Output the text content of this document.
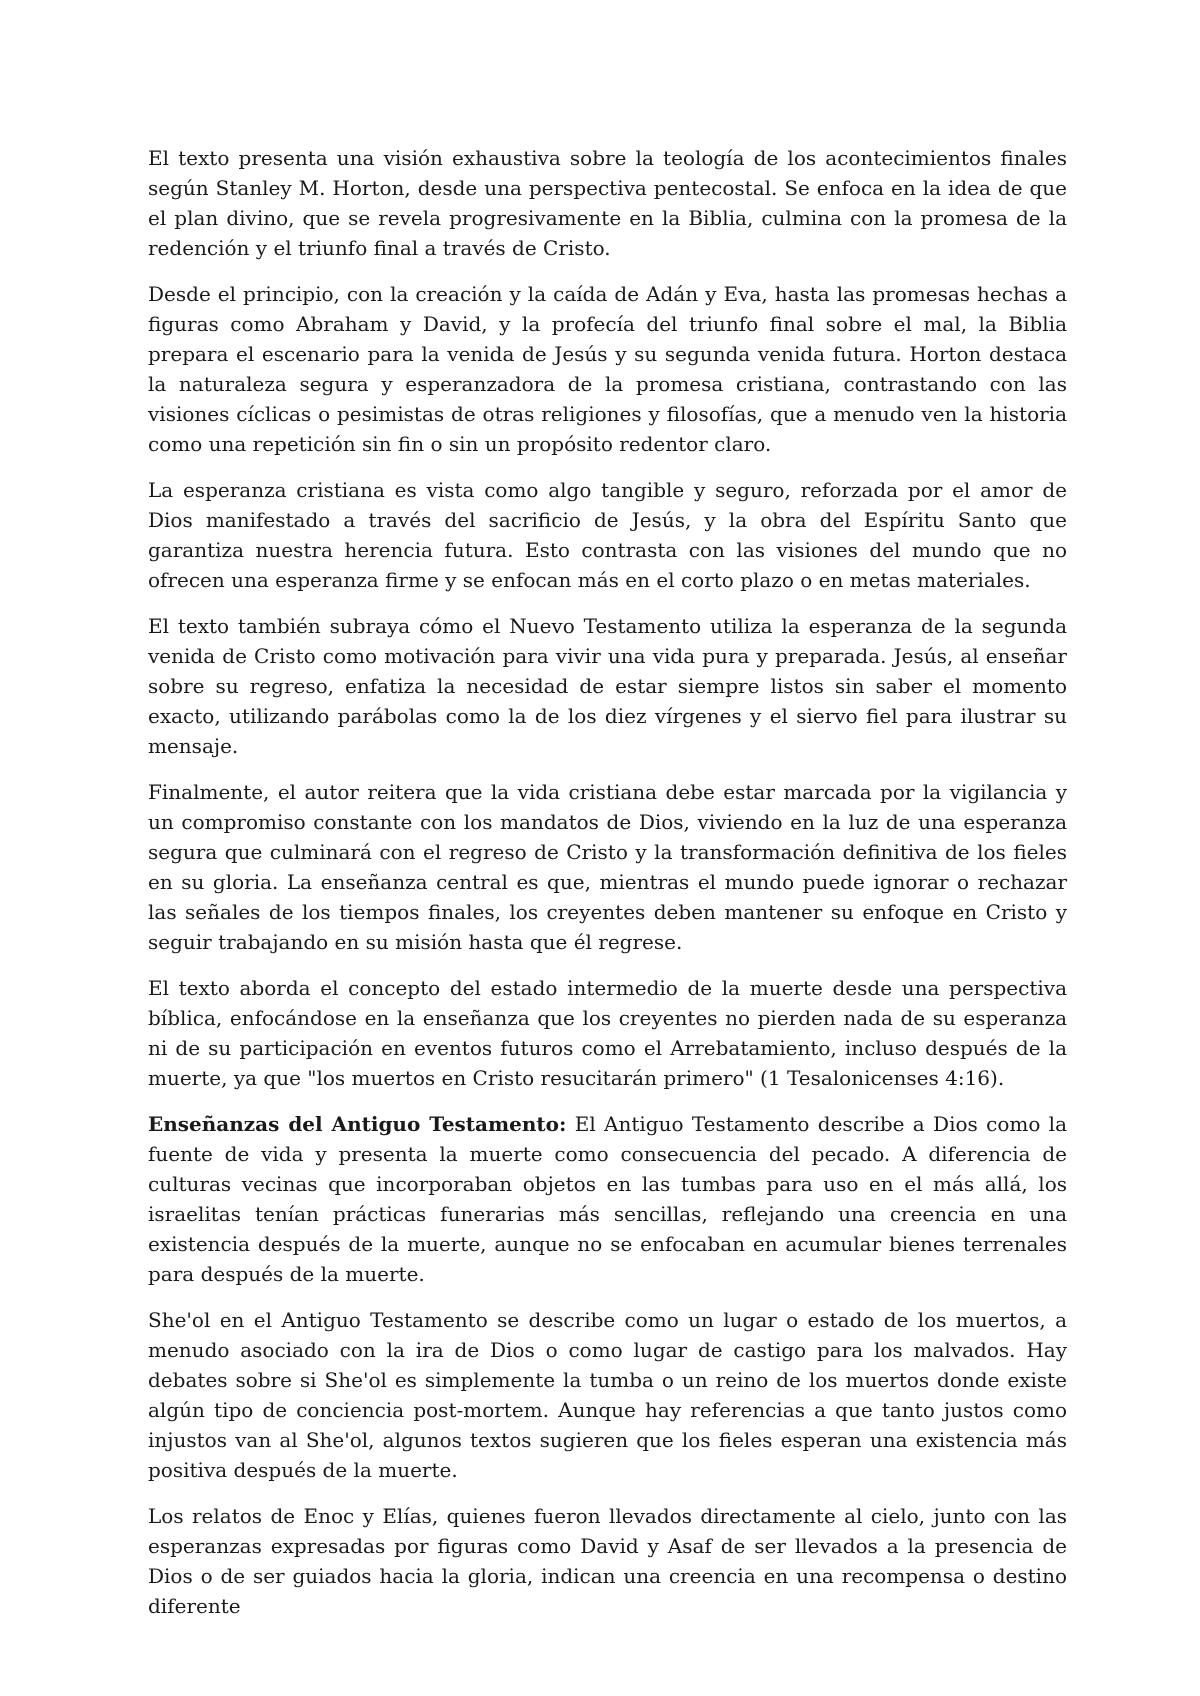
El texto presenta una visión exhaustiva sobre la teología de los acontecimientos finales según Stanley M. Horton, desde una perspectiva pentecostal. Se enfoca en la idea de que el plan divino, que se revela progresivamente en la Biblia, culmina con la promesa de la redención y el triunfo final a través de Cristo.

Desde el principio, con la creación y la caída de Adán y Eva, hasta las promesas hechas a figuras como Abraham y David, y la profecía del triunfo final sobre el mal, la Biblia prepara el escenario para la venida de Jesús y su segunda venida futura. Horton destaca la naturaleza segura y esperanzadora de la promesa cristiana, contrastando con las visiones cíclicas o pesimistas de otras religiones y filosofías, que a menudo ven la historia como una repetición sin fin o sin un propósito redentor claro.

La esperanza cristiana es vista como algo tangible y seguro, reforzada por el amor de Dios manifestado a través del sacrificio de Jesús, y la obra del Espíritu Santo que garantiza nuestra herencia futura. Esto contrasta con las visiones del mundo que no ofrecen una esperanza firme y se enfocan más en el corto plazo o en metas materiales.

El texto también subraya cómo el Nuevo Testamento utiliza la esperanza de la segunda venida de Cristo como motivación para vivir una vida pura y preparada. Jesús, al enseñar sobre su regreso, enfatiza la necesidad de estar siempre listos sin saber el momento exacto, utilizando parábolas como la de los diez vírgenes y el siervo fiel para ilustrar su mensaje.

Finalmente, el autor reitera que la vida cristiana debe estar marcada por la vigilancia y un compromiso constante con los mandatos de Dios, viviendo en la luz de una esperanza segura que culminará con el regreso de Cristo y la transformación definitiva de los fieles en su gloria. La enseñanza central es que, mientras el mundo puede ignorar o rechazar las señales de los tiempos finales, los creyentes deben mantener su enfoque en Cristo y seguir trabajando en su misión hasta que él regrese.

El texto aborda el concepto del estado intermedio de la muerte desde una perspectiva bíblica, enfocándose en la enseñanza que los creyentes no pierden nada de su esperanza ni de su participación en eventos futuros como el Arrebatamiento, incluso después de la muerte, ya que "los muertos en Cristo resucitarán primero" (1 Tesalonicenses 4:16).

Enseñanzas del Antiguo Testamento: El Antiguo Testamento describe a Dios como la fuente de vida y presenta la muerte como consecuencia del pecado. A diferencia de culturas vecinas que incorporaban objetos en las tumbas para uso en el más allá, los israelitas tenían prácticas funerarias más sencillas, reflejando una creencia en una existencia después de la muerte, aunque no se enfocaban en acumular bienes terrenales para después de la muerte.

She'ol en el Antiguo Testamento se describe como un lugar o estado de los muertos, a menudo asociado con la ira de Dios o como lugar de castigo para los malvados. Hay debates sobre si She'ol es simplemente la tumba o un reino de los muertos donde existe algún tipo de conciencia post-mortem. Aunque hay referencias a que tanto justos como injustos van al She'ol, algunos textos sugieren que los fieles esperan una existencia más positiva después de la muerte.

Los relatos de Enoc y Elías, quienes fueron llevados directamente al cielo, junto con las esperanzas expresadas por figuras como David y Asaf de ser llevados a la presencia de Dios o de ser guiados hacia la gloria, indican una creencia en una recompensa o destino diferente
